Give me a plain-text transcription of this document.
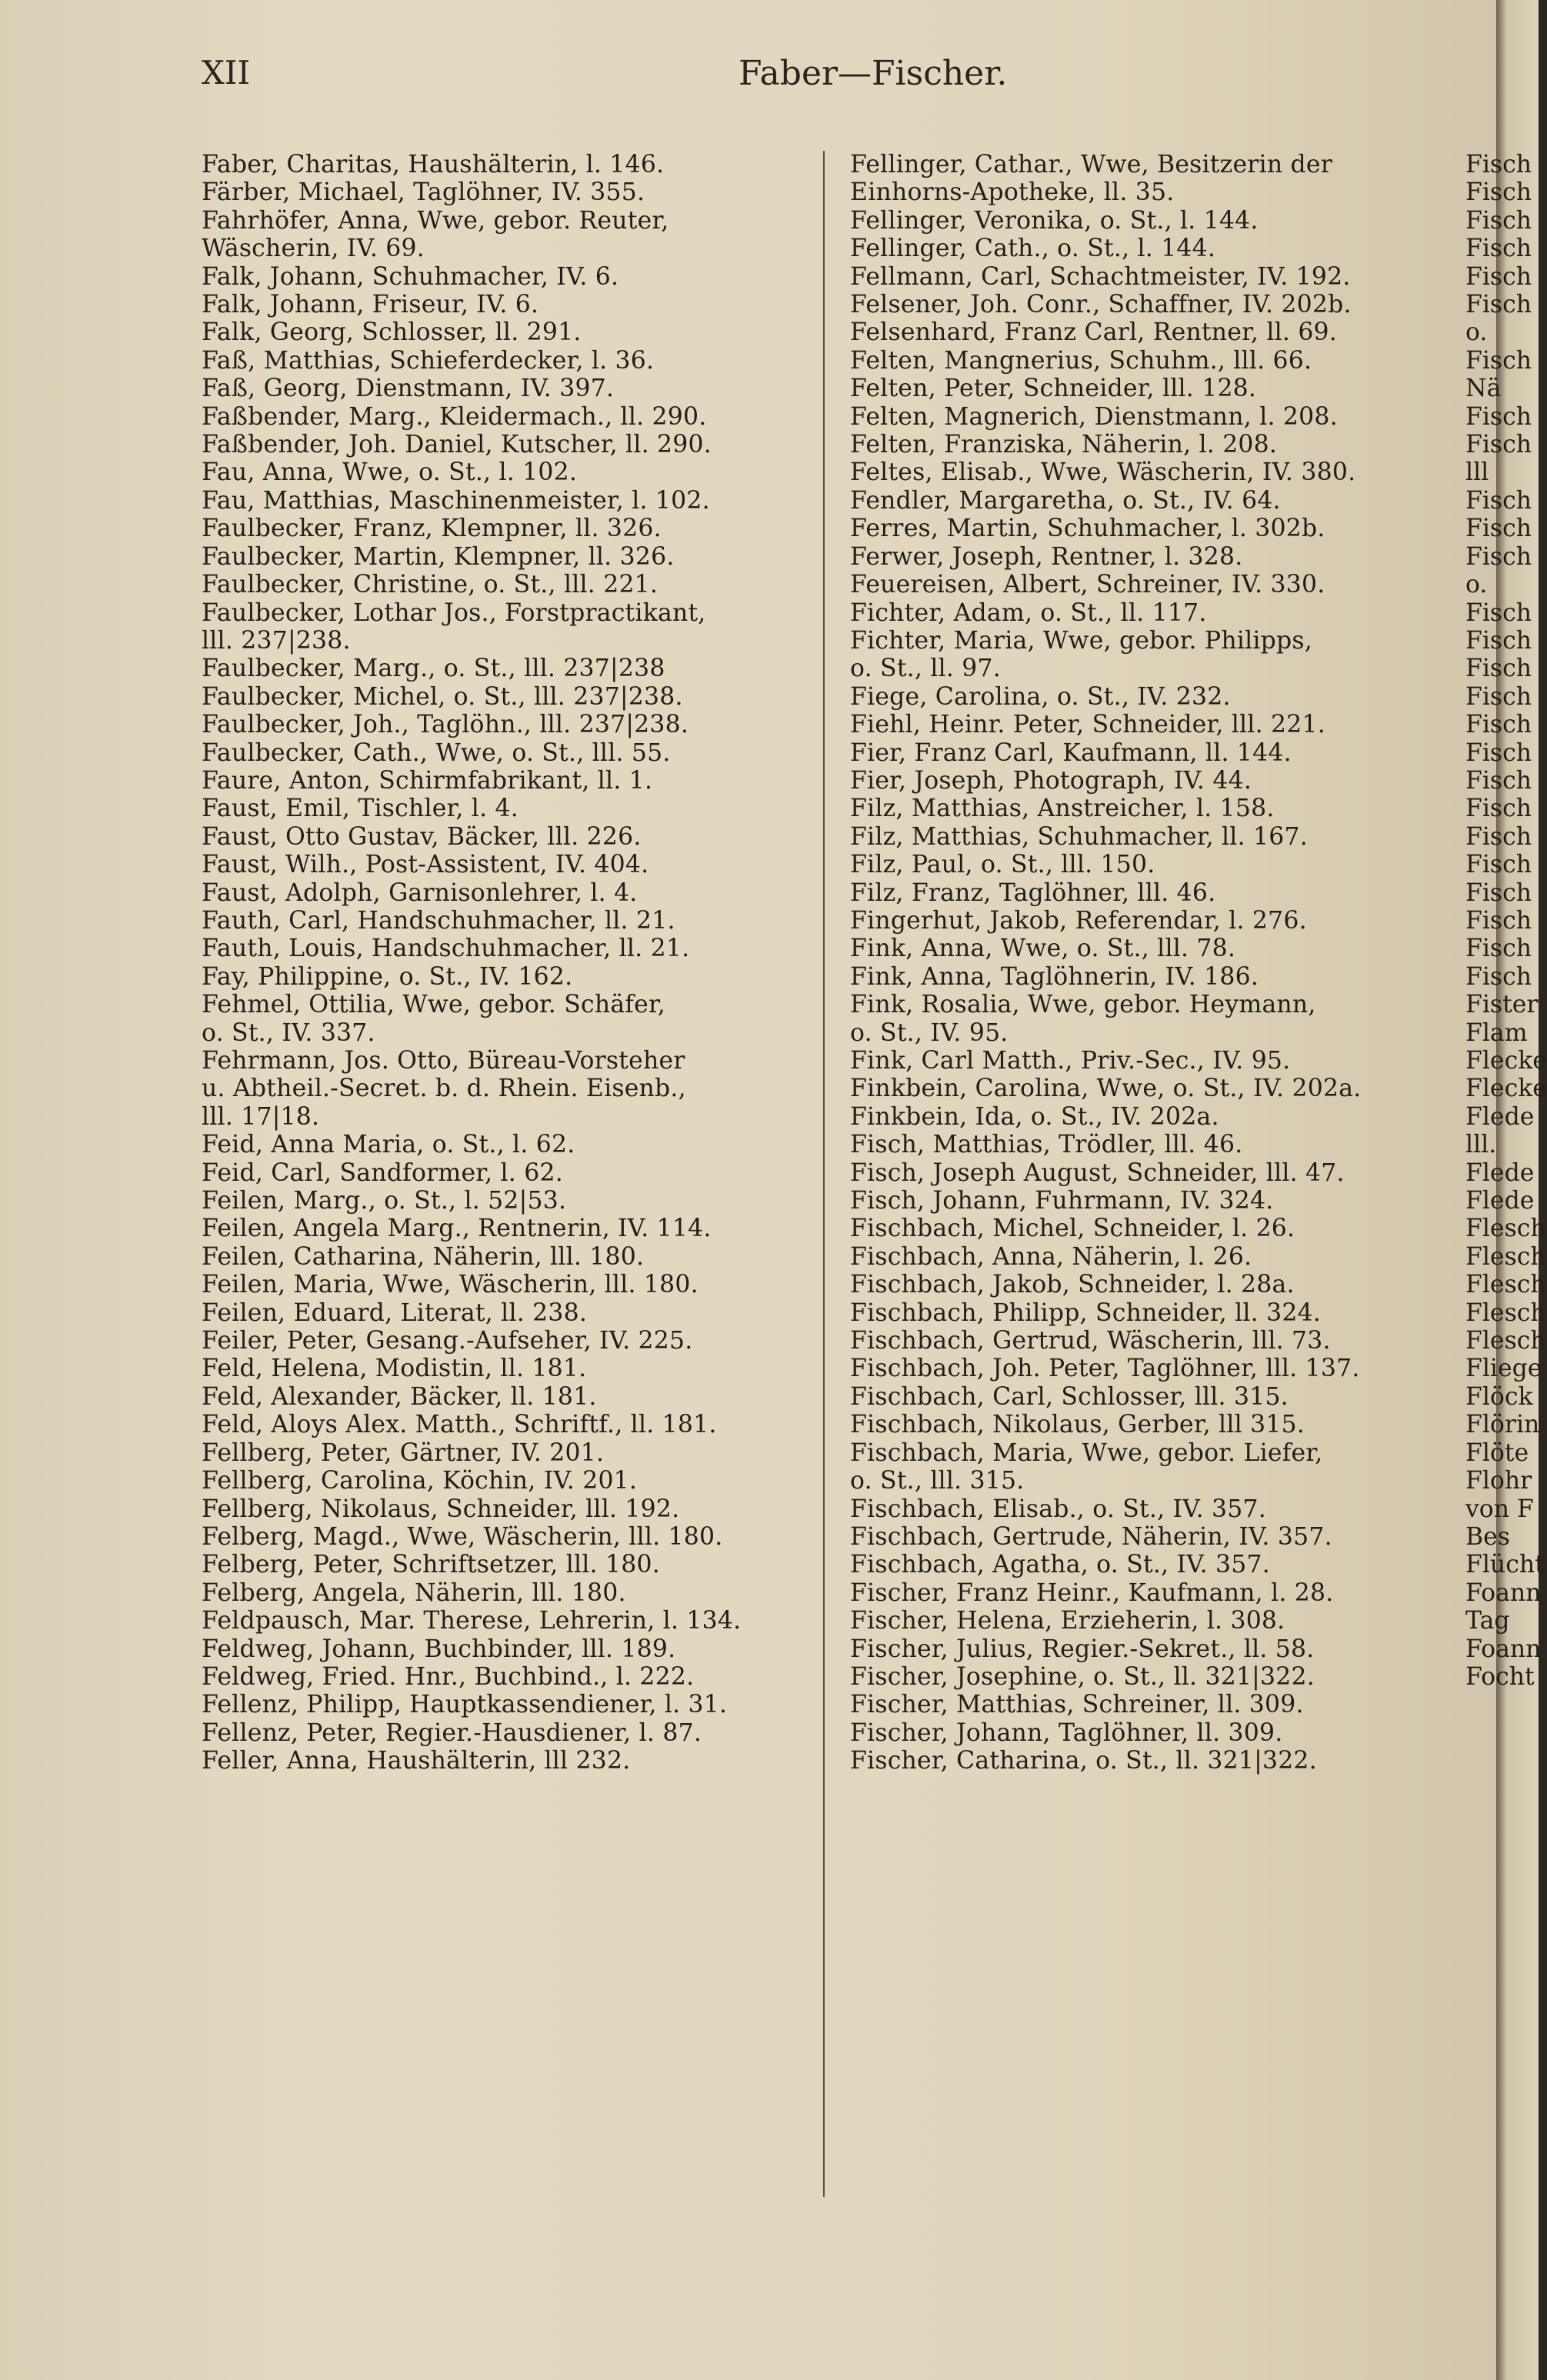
XII	Faber—Fischer.
Faber, Charitas, Haushälterin, l. 146.
Färber, Michael, Taglöhner, IV. 355.
Fahrhöfer, Anna, Wwe, gebor. Reuter,
Wäscherin, IV. 69.
Falk, Johann, Schuhmacher, IV. 6.
Falk, Johann, Friseur, IV. 6.
Falk, Georg, Schlosser, ll. 291.
Faß, Matthias, Schieferdecker, l. 36.
Faß, Georg, Dienstmann, IV. 397.
Faßbender, Marg., Kleidermach., ll. 290.
Faßbender, Joh. Daniel, Kutscher, ll. 290.
Fau, Anna, Wwe, o. St., l. 102.
Fau, Matthias, Maschinenmeister, l. 102.
Faulbecker, Franz, Klempner, ll. 326.
Faulbecker, Martin, Klempner, ll. 326.
Faulbecker, Christine, o. St., lll. 221.
Faulbecker, Lothar Jos., Forstpractikant,
lll. 237|238.
Faulbecker, Marg., o. St., lll. 237|238
Faulbecker, Michel, o. St., lll. 237|238.
Faulbecker, Joh., Taglöhn., lll. 237|238.
Faulbecker, Cath., Wwe, o. St., lll. 55.
Faure, Anton, Schirmfabrikant, ll. 1.
Faust, Emil, Tischler, l. 4.
Faust, Otto Gustav, Bäcker, lll. 226.
Faust, Wilh., Post-Assistent, IV. 404.
Faust, Adolph, Garnisonlehrer, l. 4.
Fauth, Carl, Handschuhmacher, ll. 21.
Fauth, Louis, Handschuhmacher, ll. 21.
Fay, Philippine, o. St., IV. 162.
Fehmel, Ottilia, Wwe, gebor. Schäfer,
o. St., IV. 337.
Fehrmann, Jos. Otto, Büreau-Vorsteher
u. Abtheil.-Secret. b. d. Rhein. Eisenb.,
lll. 17|18.
Feid, Anna Maria, o. St., l. 62.
Feid, Carl, Sandformer, l. 62.
Feilen, Marg., o. St., l. 52|53.
Feilen, Angela Marg., Rentnerin, IV. 114.
Feilen, Catharina, Näherin, lll. 180.
Feilen, Maria, Wwe, Wäscherin, lll. 180.
Feilen, Eduard, Literat, ll. 238.
Feiler, Peter, Gesang.-Aufseher, IV. 225.
Feld, Helena, Modistin, ll. 181.
Feld, Alexander, Bäcker, ll. 181.
Feld, Aloys Alex. Matth., Schriftf., ll. 181.
Fellberg, Peter, Gärtner, IV. 201.
Fellberg, Carolina, Köchin, IV. 201.
Fellberg, Nikolaus, Schneider, lll. 192.
Felberg, Magd., Wwe, Wäscherin, lll. 180.
Felberg, Peter, Schriftsetzer, lll. 180.
Felberg, Angela, Näherin, lll. 180.
Feldpausch, Mar. Therese, Lehrerin, l. 134.
Feldweg, Johann, Buchbinder, lll. 189.
Feldweg, Fried. Hnr., Buchbind., l. 222.
Fellenz, Philipp, Hauptkassendiener, l. 31.
Fellenz, Peter, Regier.-Hausdiener, l. 87.
Feller, Anna, Haushälterin, lll 232.
Fellinger, Cathar., Wwe, Besitzerin der
Einhorns-Apotheke, ll. 35.
Fellinger, Veronika, o. St., l. 144.
Fellinger, Cath., o. St., l. 144.
Fellmann, Carl, Schachtmeister, IV. 192.
Felsener, Joh. Conr., Schaffner, IV. 202b.
Felsenhard, Franz Carl, Rentner, ll. 69.
Felten, Mangnerius, Schuhm., lll. 66.
Felten, Peter, Schneider, lll. 128.
Felten, Magnerich, Dienstmann, l. 208.
Felten, Franziska, Näherin, l. 208.
Feltes, Elisab., Wwe, Wäscherin, IV. 380.
Fendler, Margaretha, o. St., IV. 64.
Ferres, Martin, Schuhmacher, l. 302b.
Ferwer, Joseph, Rentner, l. 328.
Feuereisen, Albert, Schreiner, IV. 330.
Fichter, Adam, o. St., ll. 117.
Fichter, Maria, Wwe, gebor. Philipps,
o. St., ll. 97.
Fiege, Carolina, o. St., IV. 232.
Fiehl, Heinr. Peter, Schneider, lll. 221.
Fier, Franz Carl, Kaufmann, ll. 144.
Fier, Joseph, Photograph, IV. 44.
Filz, Matthias, Anstreicher, l. 158.
Filz, Matthias, Schuhmacher, ll. 167.
Filz, Paul, o. St., lll. 150.
Filz, Franz, Taglöhner, lll. 46.
Fingerhut, Jakob, Referendar, l. 276.
Fink, Anna, Wwe, o. St., lll. 78.
Fink, Anna, Taglöhnerin, IV. 186.
Fink, Rosalia, Wwe, gebor. Heymann,
o. St., IV. 95.
Fink, Carl Matth., Priv.-Sec., IV. 95.
Finkbein, Carolina, Wwe, o. St., IV. 202a.
Finkbein, Ida, o. St., IV. 202a.
Fisch, Matthias, Trödler, lll. 46.
Fisch, Joseph August, Schneider, lll. 47.
Fisch, Johann, Fuhrmann, IV. 324.
Fischbach, Michel, Schneider, l. 26.
Fischbach, Anna, Näherin, l. 26.
Fischbach, Jakob, Schneider, l. 28a.
Fischbach, Philipp, Schneider, ll. 324.
Fischbach, Gertrud, Wäscherin, lll. 73.
Fischbach, Joh. Peter, Taglöhner, lll. 137.
Fischbach, Carl, Schlosser, lll. 315.
Fischbach, Nikolaus, Gerber, lll 315.
Fischbach, Maria, Wwe, gebor. Liefer,
o. St., lll. 315.
Fischbach, Elisab., o. St., IV. 357.
Fischbach, Gertrude, Näherin, IV. 357.
Fischbach, Agatha, o. St., IV. 357.
Fischer, Franz Heinr., Kaufmann, l. 28.
Fischer, Helena, Erzieherin, l. 308.
Fischer, Julius, Regier.-Sekret., ll. 58.
Fischer, Josephine, o. St., ll. 321|322.
Fischer, Matthias, Schreiner, ll. 309.
Fischer, Johann, Taglöhner, ll. 309.
Fischer, Catharina, o. St., ll. 321|322.
Fisch
Fisch
Fisch
Fisch
Fisch
Fisch
o.
Fisch
Nä
Fisch
Fisch
lll
Fisch
Fisch
Fisch
o.
Fisch
Fisch
Fisch
Fisch
Fisch
Fisch
Fisch
Fisch
Fisch
Fisch
Fisch
Fisch
Fisch
Fisch
Fister
Flam
Flecke
Flecke
Flede
lll.
Flede
Flede
Flesch
Flesch
Flesch
Flesch
Flesch
Fliege
Flöck
Flörin
Flöte
Flohr
von F
Bes
Flücht
Foann
Tag
Foann
Focht
